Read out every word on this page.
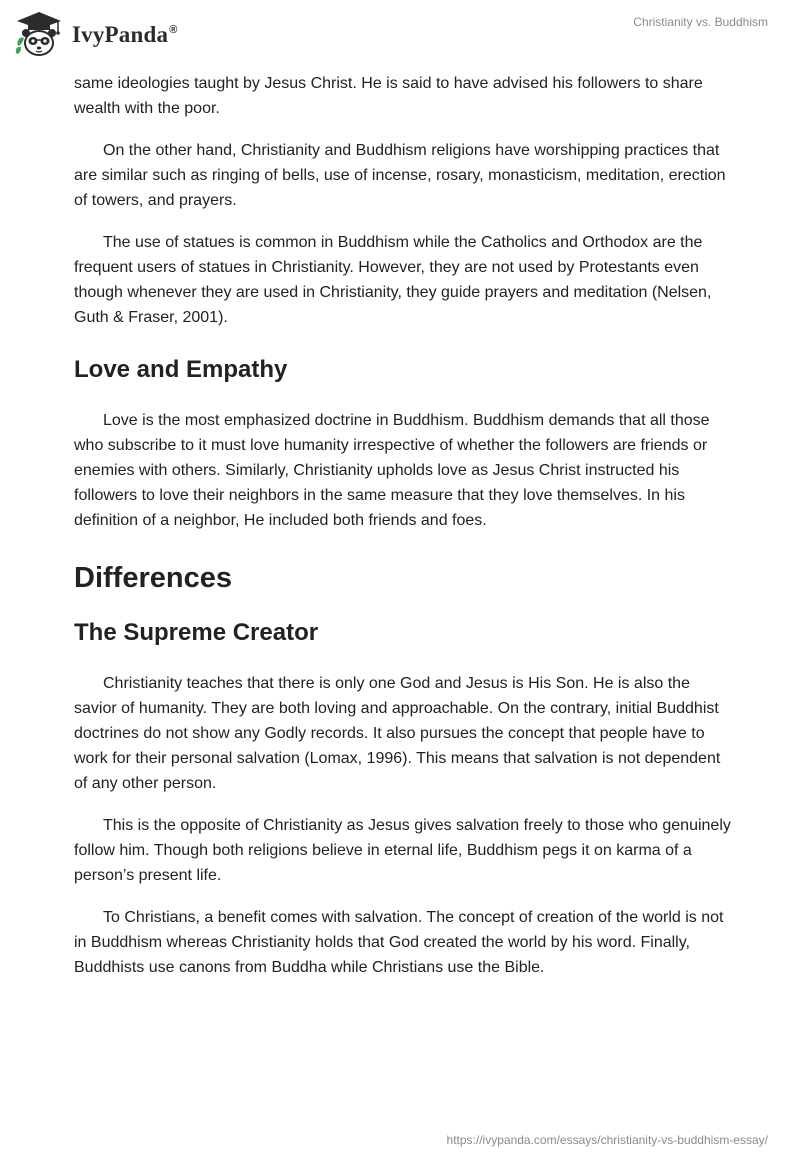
IvyPanda®
Christianity vs. Buddhism

same ideologies taught by Jesus Christ. He is said to have advised his followers to share wealth with the poor.

On the other hand, Christianity and Buddhism religions have worshipping practices that are similar such as ringing of bells, use of incense, rosary, monasticism, meditation, erection of towers, and prayers.

The use of statues is common in Buddhism while the Catholics and Orthodox are the frequent users of statues in Christianity. However, they are not used by Protestants even though whenever they are used in Christianity, they guide prayers and meditation (Nelsen, Guth & Fraser, 2001).

Love and Empathy

Love is the most emphasized doctrine in Buddhism. Buddhism demands that all those who subscribe to it must love humanity irrespective of whether the followers are friends or enemies with others. Similarly, Christianity upholds love as Jesus Christ instructed his followers to love their neighbors in the same measure that they love themselves. In his definition of a neighbor, He included both friends and foes.

Differences
The Supreme Creator

Christianity teaches that there is only one God and Jesus is His Son. He is also the savior of humanity. They are both loving and approachable. On the contrary, initial Buddhist doctrines do not show any Godly records. It also pursues the concept that people have to work for their personal salvation (Lomax, 1996). This means that salvation is not dependent of any other person.

This is the opposite of Christianity as Jesus gives salvation freely to those who genuinely follow him. Though both religions believe in eternal life, Buddhism pegs it on karma of a person’s present life.

To Christians, a benefit comes with salvation. The concept of creation of the world is not in Buddhism whereas Christianity holds that God created the world by his word. Finally, Buddhists use canons from Buddha while Christians use the Bible.

https://ivypanda.com/essays/christianity-vs-buddhism-essay/
